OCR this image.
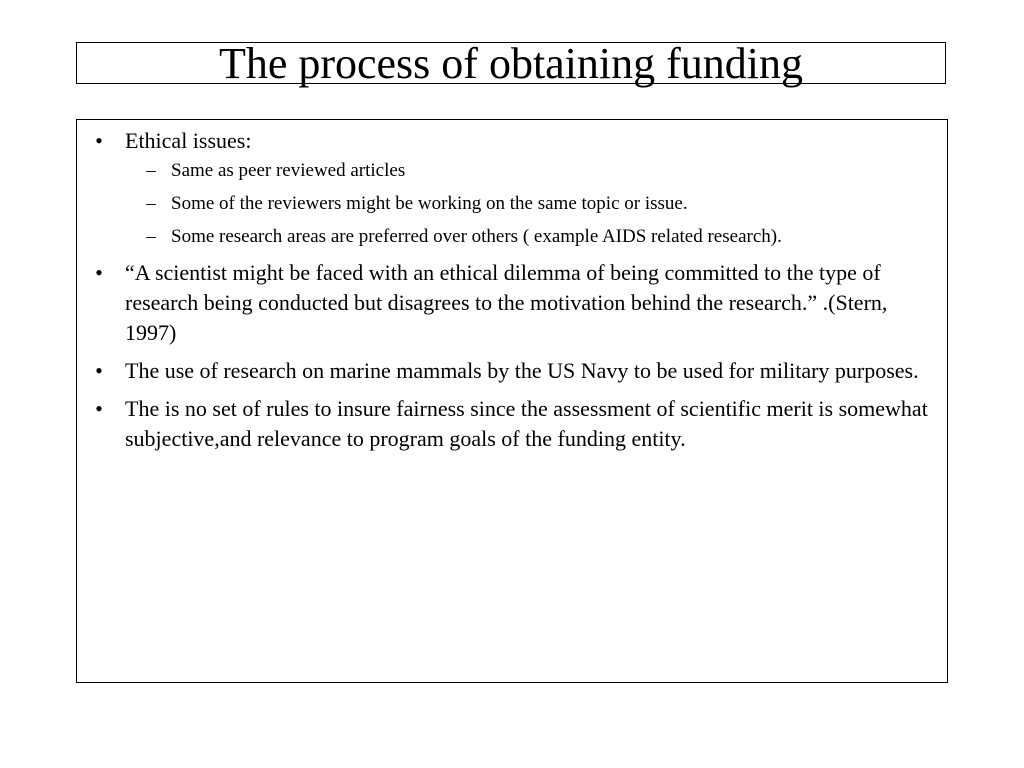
The process of obtaining funding
• Ethical issues:
– Same as peer reviewed articles
– Some of the reviewers might be working on the same topic or issue.
– Some research areas are preferred over others ( example AIDS related research).
• “A scientist might be faced with an ethical dilemma of being committed to the type of research being conducted but disagrees to the motivation behind the research.” .(Stern, 1997)
• The use of research on marine mammals by the US Navy to be used for military purposes.
• The is no set of rules to insure fairness since the assessment of scientific merit is somewhat subjective,and relevance to program goals of the funding entity.
